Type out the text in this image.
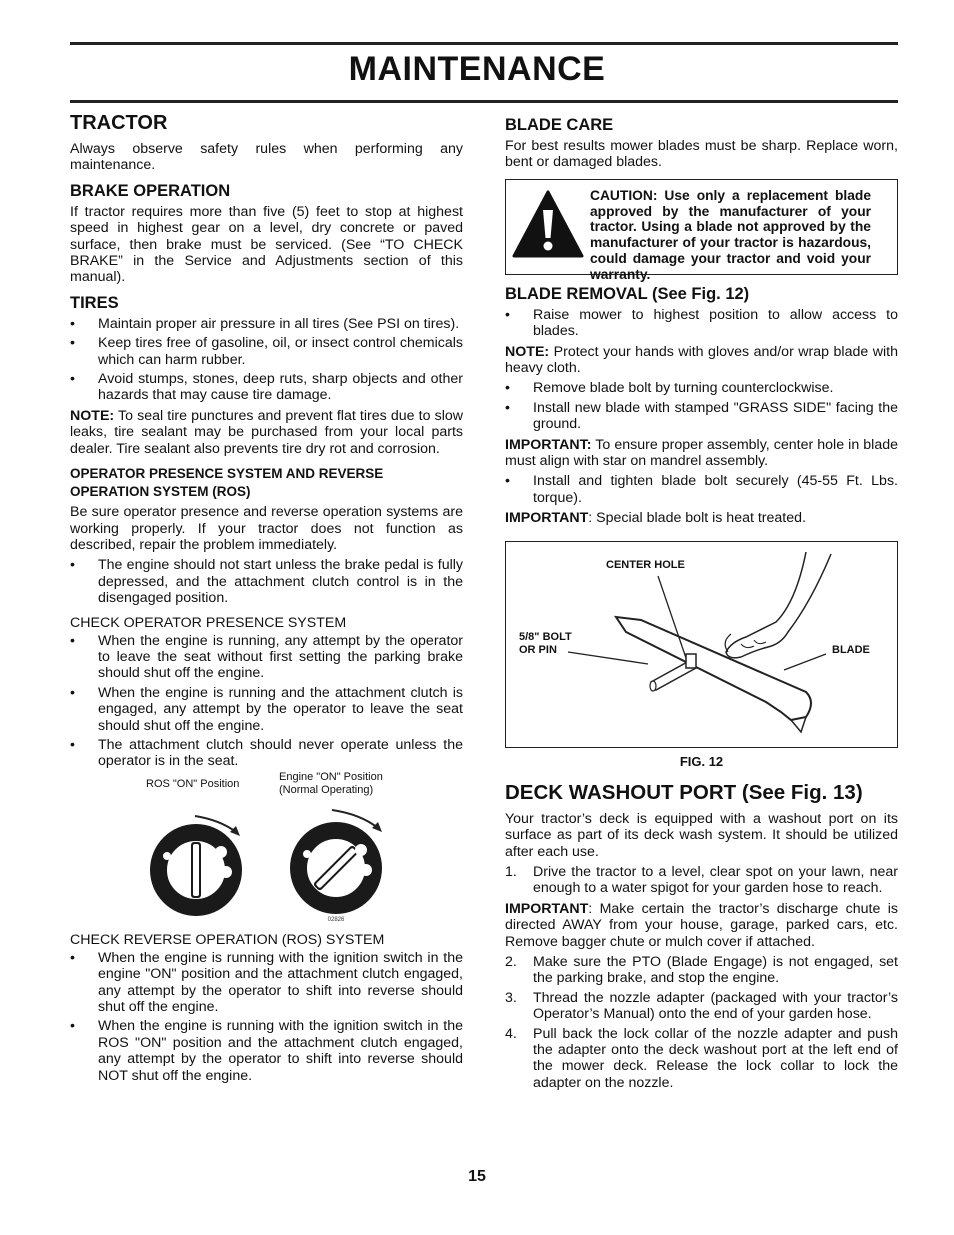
MAINTENANCE
TRACTOR

Always observe safety rules when performing any maintenance.

BRAKE OPERATION

If tractor requires more than five (5) feet to stop at highest speed in highest gear on a level, dry concrete or paved surface, then brake must be serviced. (See “TO CHECK BRAKE” in the Service and Adjustments section of this manual).

TIRES
• Maintain proper air pressure in all tires (See PSI on tires).
• Keep tires free of gasoline, oil, or insect control chemicals which can harm rubber.
• Avoid stumps, stones, deep ruts, sharp objects and other hazards that may cause tire damage.

NOTE: To seal tire punctures and prevent flat tires due to slow leaks, tire sealant may be purchased from your local parts dealer. Tire sealant also prevents tire dry rot and corrosion.

OPERATOR PRESENCE SYSTEM AND REVERSE OPERATION SYSTEM (ROS)

Be sure operator presence and reverse operation systems are working properly. If your tractor does not function as described, repair the problem immediately.

• The engine should not start unless the brake pedal is fully depressed, and the attachment clutch control is in the disengaged position.
CHECK OPERATOR PRESENCE SYSTEM
• When the engine is running, any attempt by the operator to leave the seat without first setting the parking brake should shut off the engine.
• When the engine is running and the attachment clutch is engaged, any attempt by the operator to leave the seat should shut off the engine.
• The attachment clutch should never operate unless the operator is in the seat.
ROS "ON" Position
Engine "ON" Position
(Normal Operating)
02826
CHECK REVERSE OPERATION (ROS) SYSTEM
• When the engine is running with the ignition switch in the engine "ON" position and the attachment clutch engaged, any attempt by the operator to shift into reverse should shut off the engine.
• When the engine is running with the ignition switch in the ROS "ON" position and the attachment clutch engaged, any attempt by the operator to shift into reverse should NOT shut off the engine.
BLADE CARE

For best results mower blades must be sharp. Replace worn, bent or damaged blades.

CAUTION: Use only a replacement blade approved by the manufacturer of your tractor. Using a blade not approved by the manufacturer of your tractor is hazardous, could damage your tractor and void your warranty.
BLADE REMOVAL (See Fig. 12)
• Raise mower to highest position to allow access to blades.

NOTE: Protect your hands with gloves and/or wrap blade with heavy cloth.

• Remove blade bolt by turning counterclockwise.
• Install new blade with stamped "GRASS SIDE" facing the ground.

IMPORTANT: To ensure proper assembly, center hole in blade must align with star on mandrel assembly.

• Install and tighten blade bolt securely (45-55 Ft. Lbs. torque).

IMPORTANT: Special blade bolt is heat treated.

CENTER HOLE
5/8" BOLT
OR PIN	BLADE
FIG. 12
DECK WASHOUT PORT (See Fig. 13)

Your tractor’s deck is equipped with a washout port on its surface as part of its deck wash system. It should be utilized after each use.

1. Drive the tractor to a level, clear spot on your lawn, near enough to a water spigot for your garden hose to reach.

IMPORTANT: Make certain the tractor’s discharge chute is directed AWAY from your house, garage, parked cars, etc. Remove bagger chute or mulch cover if attached.

2. Make sure the PTO (Blade Engage) is not engaged, set the parking brake, and stop the engine.
3. Thread the nozzle adapter (packaged with your tractor’s Operator’s Manual) onto the end of your garden hose.
4. Pull back the lock collar of the nozzle adapter and push the adapter onto the deck washout port at the left end of the mower deck. Release the lock collar to lock the adapter on the nozzle.
15
